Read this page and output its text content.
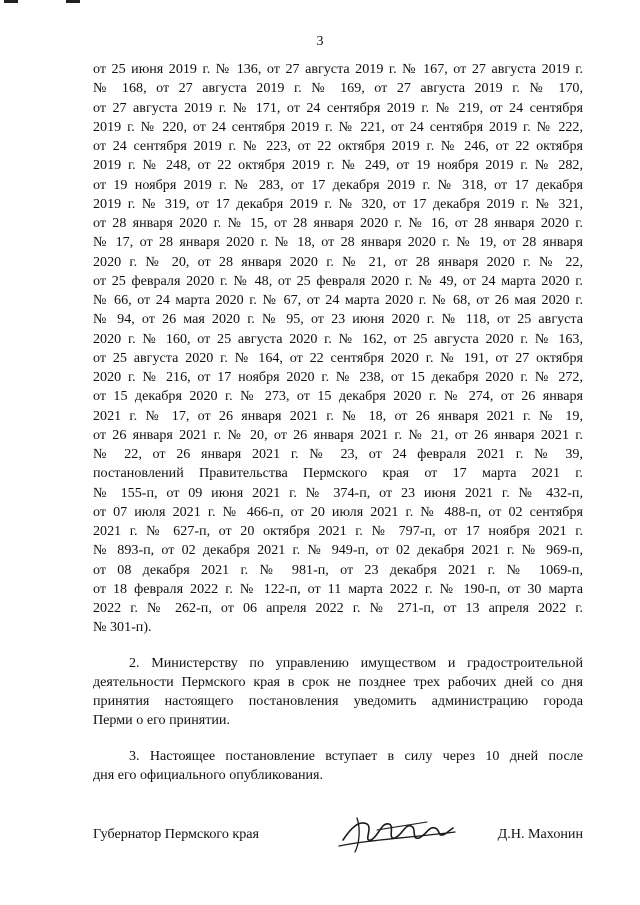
3
от 25 июня 2019 г. № 136, от 27 августа 2019 г. № 167, от 27 августа 2019 г.
№ 168, от 27 августа 2019 г. № 169, от 27 августа 2019 г. № 170,
от 27 августа 2019 г. № 171, от 24 сентября 2019 г. № 219, от 24 сентября
2019 г. № 220, от 24 сентября 2019 г. № 221, от 24 сентября 2019 г. № 222,
от 24 сентября 2019 г. № 223, от 22 октября 2019 г. № 246, от 22 октября
2019 г. № 248, от 22 октября 2019 г. № 249, от 19 ноября 2019 г. № 282,
от 19 ноября 2019 г. № 283, от 17 декабря 2019 г. № 318, от 17 декабря
2019 г. № 319, от 17 декабря 2019 г. № 320, от 17 декабря 2019 г. № 321,
от 28 января 2020 г. № 15, от 28 января 2020 г. № 16, от 28 января 2020 г.
№ 17, от 28 января 2020 г. № 18, от 28 января 2020 г. № 19, от 28 января
2020 г. № 20, от 28 января 2020 г. № 21, от 28 января 2020 г. № 22,
от 25 февраля 2020 г. № 48, от 25 февраля 2020 г. № 49, от 24 марта 2020 г.
№ 66, от 24 марта 2020 г. № 67, от 24 марта 2020 г. № 68, от 26 мая 2020 г.
№ 94, от 26 мая 2020 г. № 95, от 23 июня 2020 г. № 118, от 25 августа
2020 г. № 160, от 25 августа 2020 г. № 162, от 25 августа 2020 г. № 163,
от 25 августа 2020 г. № 164, от 22 сентября 2020 г. № 191, от 27 октября
2020 г. № 216, от 17 ноября 2020 г. № 238, от 15 декабря 2020 г. № 272,
от 15 декабря 2020 г. № 273, от 15 декабря 2020 г. № 274, от 26 января
2021 г. № 17, от 26 января 2021 г. № 18, от 26 января 2021 г. № 19,
от 26 января 2021 г. № 20, от 26 января 2021 г. № 21, от 26 января 2021 г.
№ 22, от 26 января 2021 г. № 23, от 24 февраля 2021 г. № 39,
постановлений Правительства Пермского края от 17 марта 2021 г.
№ 155-п, от 09 июня 2021 г. № 374-п, от 23 июня 2021 г. № 432-п,
от 07 июля 2021 г. № 466-п, от 20 июля 2021 г. № 488-п, от 02 сентября
2021 г. № 627-п, от 20 октября 2021 г. № 797-п, от 17 ноября 2021 г.
№ 893-п, от 02 декабря 2021 г. № 949-п, от 02 декабря 2021 г. № 969-п,
от 08 декабря 2021 г. № 981-п, от 23 декабря 2021 г. № 1069-п,
от 18 февраля 2022 г. № 122-п, от 11 марта 2022 г. № 190-п, от 30 марта
2022 г. № 262-п, от 06 апреля 2022 г. № 271-п, от 13 апреля 2022 г.
№ 301-п).
2. Министерству по управлению имуществом и градостроительной
деятельности Пермского края в срок не позднее трех рабочих дней со дня
принятия настоящего постановления уведомить администрацию города
Перми о его принятии.
3. Настоящее постановление вступает в силу через 10 дней после
дня его официального опубликования.
Губернатор Пермского края	Д.Н. Махонин
